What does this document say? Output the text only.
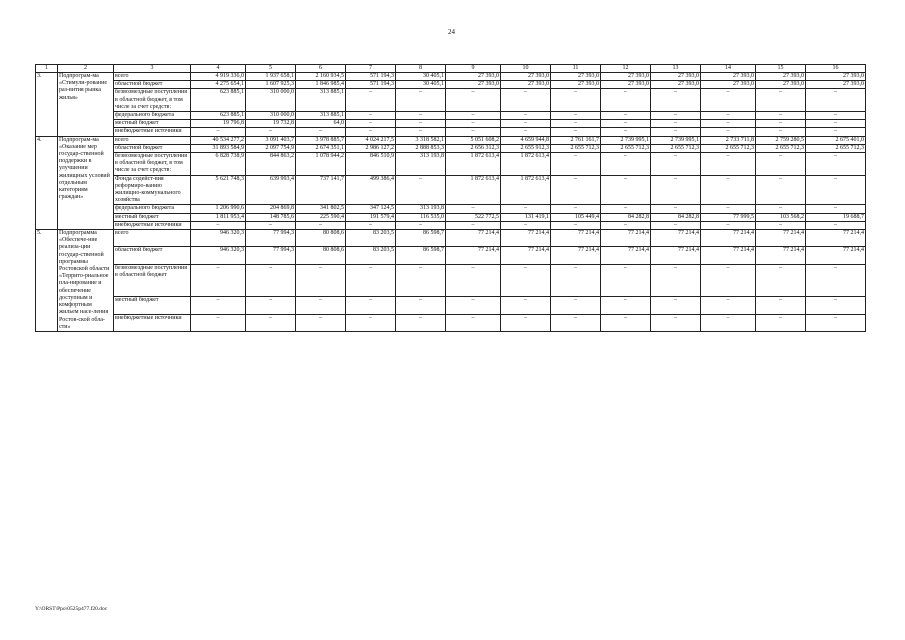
24
1	2	3	4	5	6	7	8	9	10	11	12	13	14	15	16
3.	Подпрограм-ма «Стимули-рование раз-вития рынка жилья»	всего	4 919 336,0	1 937 658,1	2 160 934,5	571 194,3	30 405,1	27 393,0	27 393,0	27 393,0	27 393,0	27 393,0	27 393,0	27 393,0	27 393,0
		областной бюджет	4 275 654,1	1 607 925,3	1 846 985,4	571 194,3	30 405,1	27 393,0	27 393,0	27 393,0	27 393,0	27 393,0	27 393,0	27 393,0	27 393,0
		безвозмездные поступления в областной бюджет, в том числе за счет средств:	623 885,1	310 000,0	313 885,1	–	–	–	–	–	–	–	–	–	–
		федерального бюджета	623 885,1	310 000,0	313 885,1	–	–	–	–	–	–	–	–	–	–
		местный бюджет	19 796,8	19 732,8	64,0	–	–	–	–	–	–	–	–	–	–
		внебюджетные источники	–	–	–	–	–	–	–	–	–	–	–	–	–
4.	Подпрограм-ма «Оказание мер государ-ственной поддержки в улучшении жилищных условий отдельным категориям граждан»	всего	40 534 277,2	3 091 403,7	3 978 885,7	4 024 217,5	3 318 582,1	5 051 608,2	4 659 944,8	2 761 161,7	2 739 995,1	2 739 995,1	2 733 711,8	2 759 280,5	2 675 401,0
		областной бюджет	31 893 584,9	2 097 754,9	2 674 351,1	2 986 127,2	2 888 853,3	2 656 312,3	2 655 912,3	2 655 712,3	2 655 712,3	2 655 712,3	2 655 712,3	2 655 712,3	2 655 712,3
		безвозмездные поступления в областной бюджет, в том числе за счет средств:	6 828 738,9	844 863,2	1 078 944,2	846 510,9	313 193,8	1 872 613,4	1 872 613,4	–	–	–	–	–	–
		Фонда содейст-вия реформиро-ванию жилищно-коммунального хозяйства	5 621 748,3	639 993,4	737 141,7	499 386,4	–	1 872 613,4	1 872 613,4	–	–	–	–	–	–
		федерального бюджета	1 206 990,6	204 869,8	341 802,5	347 124,5	313 193,8	–	–	–	–	–	–	–	–
		местный бюджет	1 811 953,4	148 785,6	225 590,4	191 579,4	116 535,0	522 772,5	131 419,1	105 449,4	84 282,8	84 282,8	77 999,5	103 568,2	19 688,7
		внебюджетные источники	–	–	–	–	–	–	–	–	–	–	–	–	–
5.	Подпрограмма «Обеспече-ние реализа-ции государ-ственной программы Ростовской области «Террито-риальное пла-нирование и обеспечение доступным и комфортным жильем насе-ления Ростов-ской обла-сти»	всего	946 320,3	77 994,3	80 808,6	83 203,5	86 598,7	77 214,4	77 214,4	77 214,4	77 214,4	77 214,4	77 214,4	77 214,4	77 214,4
		областной бюджет	946 320,3	77 994,3	80 808,6	83 203,5	86 598,7	77 214,4	77 214,4	77 214,4	77 214,4	77 214,4	77 214,4	77 214,4	77 214,4
		безвозмездные поступления в областной бюджет	–	–	–	–	–	–	–	–	–	–	–	–	–
		местный бюджет	–	–	–	–	–	–	–	–	–	–	–	–	–
		внебюджетные источники	–	–	–	–	–	–	–	–	–	–	–	–	–
Y:\ORST\Ppo\0525p477.f20.doc
